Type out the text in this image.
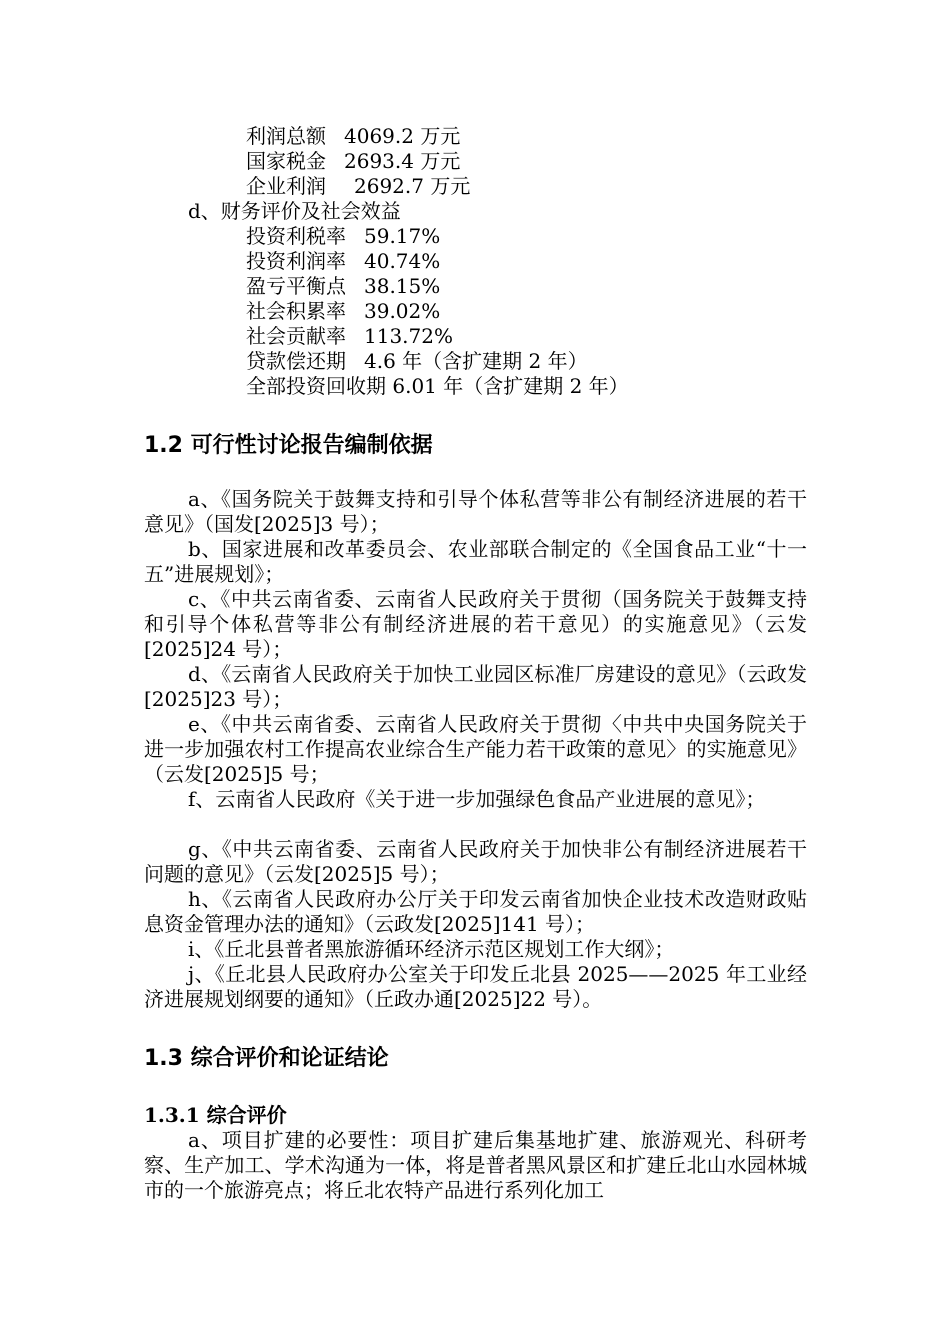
利润总额 4069.2 万元
国家税金 2693.4 万元
企业利润 2692.7 万元
d、财务评价及社会效益
投资利税率 59.17%
投资利润率 40.74%
盈亏平衡点 38.15%
社会积累率 39.02%
社会贡献率 113.72%
贷款偿还期 4.6 年（含扩建期 2 年）
全部投资回收期 6.01 年（含扩建期 2 年）
1.2 可行性讨论报告编制依据
a、《国务院关于鼓舞支持和引导个体私营等非公有制经济进展的若干意见》（国发[2025]3 号）；
b、国家进展和改革委员会、农业部联合制定的《全国食品工业“十一五”进展规划》；
c、《中共云南省委、云南省人民政府关于贯彻（国务院关于鼓舞支持和引导个体私营等非公有制经济进展的若干意见）的实施意见》（云发[2025]24 号）；
d、《云南省人民政府关于加快工业园区标准厂房建设的意见》（云政发[2025]23 号）；
e、《中共云南省委、云南省人民政府关于贯彻〈中共中央国务院关于进一步加强农村工作提高农业综合生产能力若干政策的意见〉的实施意见》（云发[2025]5 号；
f、云南省人民政府《关于进一步加强绿色食品产业进展的意见》；
g、《中共云南省委、云南省人民政府关于加快非公有制经济进展若干问题的意见》（云发[2025]5 号）；
h、《云南省人民政府办公厅关于印发云南省加快企业技术改造财政贴息资金管理办法的通知》（云政发[2025]141 号）；
i、《丘北县普者黑旅游循环经济示范区规划工作大纲》；
j、《丘北县人民政府办公室关于印发丘北县 2025——2025 年工业经济进展规划纲要的通知》（丘政办通[2025]22 号）。
1.3 综合评价和论证结论
1.3.1 综合评价
a、项目扩建的必要性：项目扩建后集基地扩建、旅游观光、科研考察、生产加工、学术沟通为一体，将是普者黑风景区和扩建丘北山水园林城市的一个旅游亮点；将丘北农特产品进行系列化加工
